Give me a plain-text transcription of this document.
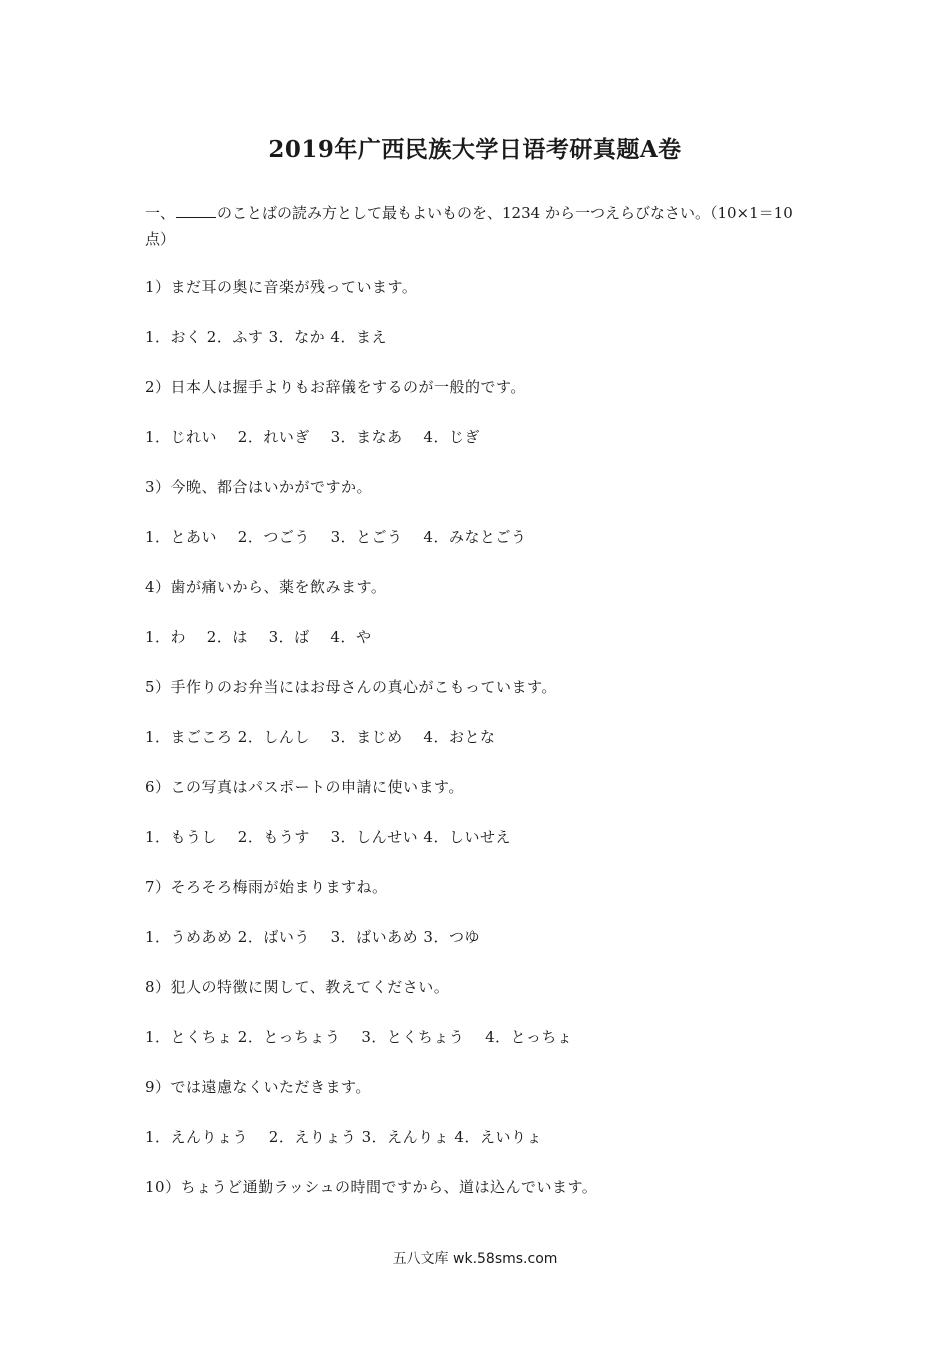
2019年广西民族大学日语考研真题A卷
一、	のことばの読み方として最もよいものを、1234 から一つえらびなさい。（10×1＝10 点）
1）まだ耳の奥に音楽が残っています。
1．おく 2．ふす 3．なか 4．まえ
2）日本人は握手よりもお辞儀をするのが一般的です。
1．じれい　 2．れいぎ　 3．まなあ　 4．じぎ
3）今晩、都合はいかがですか。
1．とあい　 2．つごう　 3．とごう　 4．みなとごう
4）歯が痛いから、薬を飲みます。
1．わ　 2．は　 3．ば　 4．や
5）手作りのお弁当にはお母さんの真心がこもっています。
1．まごころ 2．しんし　 3．まじめ　 4．おとな
6）この写真はパスポートの申請に使います。
1．もうし　 2．もうす　 3．しんせい 4．しいせえ
7）そろそろ梅雨が始まりますね。
1．うめあめ 2．ばいう　 3．ばいあめ 3．つゆ
8）犯人の特徴に関して、教えてください。
1．とくちょ 2．とっちょう　 3．とくちょう　 4．とっちょ
9）では遠慮なくいただきます。
1．えんりょう　 2．えりょう 3．えんりょ 4．えいりょ
10）ちょうど通勤ラッシュの時間ですから、道は込んでいます。
五八文库 wk.58sms.com
